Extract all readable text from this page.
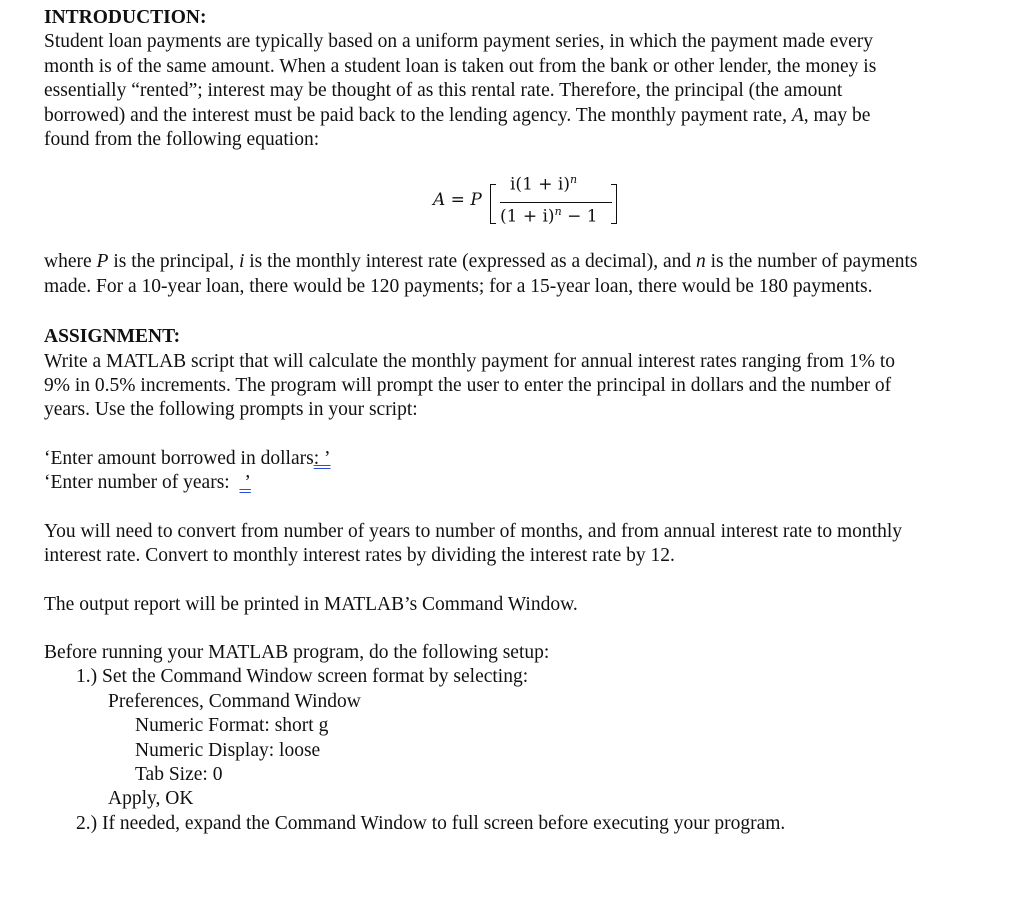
INTRODUCTION:
Student loan payments are typically based on a uniform payment series, in which the payment made every
month is of the same amount. When a student loan is taken out from the bank or other lender, the money is
essentially “rented”; interest may be thought of as this rental rate. Therefore, the principal (the amount
borrowed) and the interest must be paid back to the lending agency. The monthly payment rate, A, may be
found from the following equation:
where P is the principal, i is the monthly interest rate (expressed as a decimal), and n is the number of payments
made. For a 10-year loan, there would be 120 payments; for a 15-year loan, there would be 180 payments.
ASSIGNMENT:
Write a MATLAB script that will calculate the monthly payment for annual interest rates ranging from 1% to
9% in 0.5% increments. The program will prompt the user to enter the principal in dollars and the number of
years. Use the following prompts in your script:
‘Enter amount borrowed in dollars: ’
‘Enter number of years:   ’
You will need to convert from number of years to number of months, and from annual interest rate to monthly
interest rate. Convert to monthly interest rates by dividing the interest rate by 12.
The output report will be printed in MATLAB’s Command Window.
Before running your MATLAB program, do the following setup:
1.) Set the Command Window screen format by selecting:
Preferences, Command Window
Numeric Format: short g
Numeric Display: loose
Tab Size: 0
Apply, OK
2.) If needed, expand the Command Window to full screen before executing your program.
A = P
$i(1 + i)^n$
$(1 + i)^n - 1$
